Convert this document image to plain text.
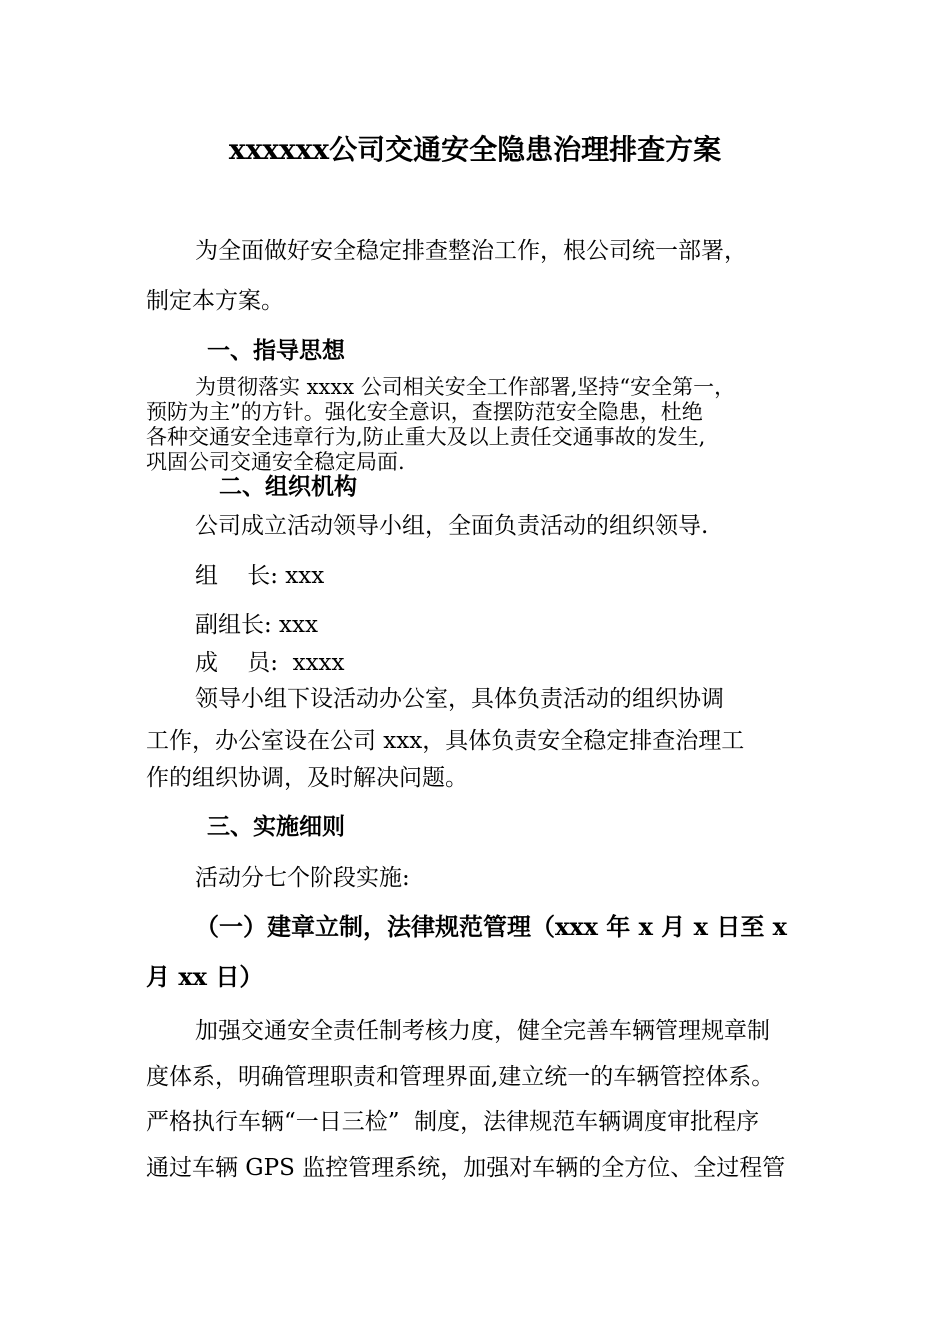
xxxxxx公司交通安全隐患治理排查方案
为全面做好安全稳定排查整治工作，根公司统一部署，
制定本方案。
一、指导思想
为贯彻落实 xxxx 公司相关安全工作部署,坚持“安全第一，
预防为主”的方针。强化安全意识，查摆防范安全隐患，杜绝
各种交通安全违章行为,防止重大及以上责任交通事故的发生,
巩固公司交通安全稳定局面.
二、组织机构
公司成立活动领导小组，全面负责活动的组织领导.
组    长: xxx
副组长: xxx
成    员:  xxxx
领导小组下设活动办公室，具体负责活动的组织协调
工作，办公室设在公司 xxx，具体负责安全稳定排查治理工
作的组织协调，及时解决问题。
三、实施细则
活动分七个阶段实施:
（一）建章立制，法律规范管理（xxx 年 x 月 x 日至 x
月 xx 日）
加强交通安全责任制考核力度，健全完善车辆管理规章制
度体系，明确管理职责和管理界面,建立统一的车辆管控体系。
严格执行车辆“一日三检”  制度，法律规范车辆调度审批程序
通过车辆 GPS 监控管理系统，加强对车辆的全方位、全过程管
